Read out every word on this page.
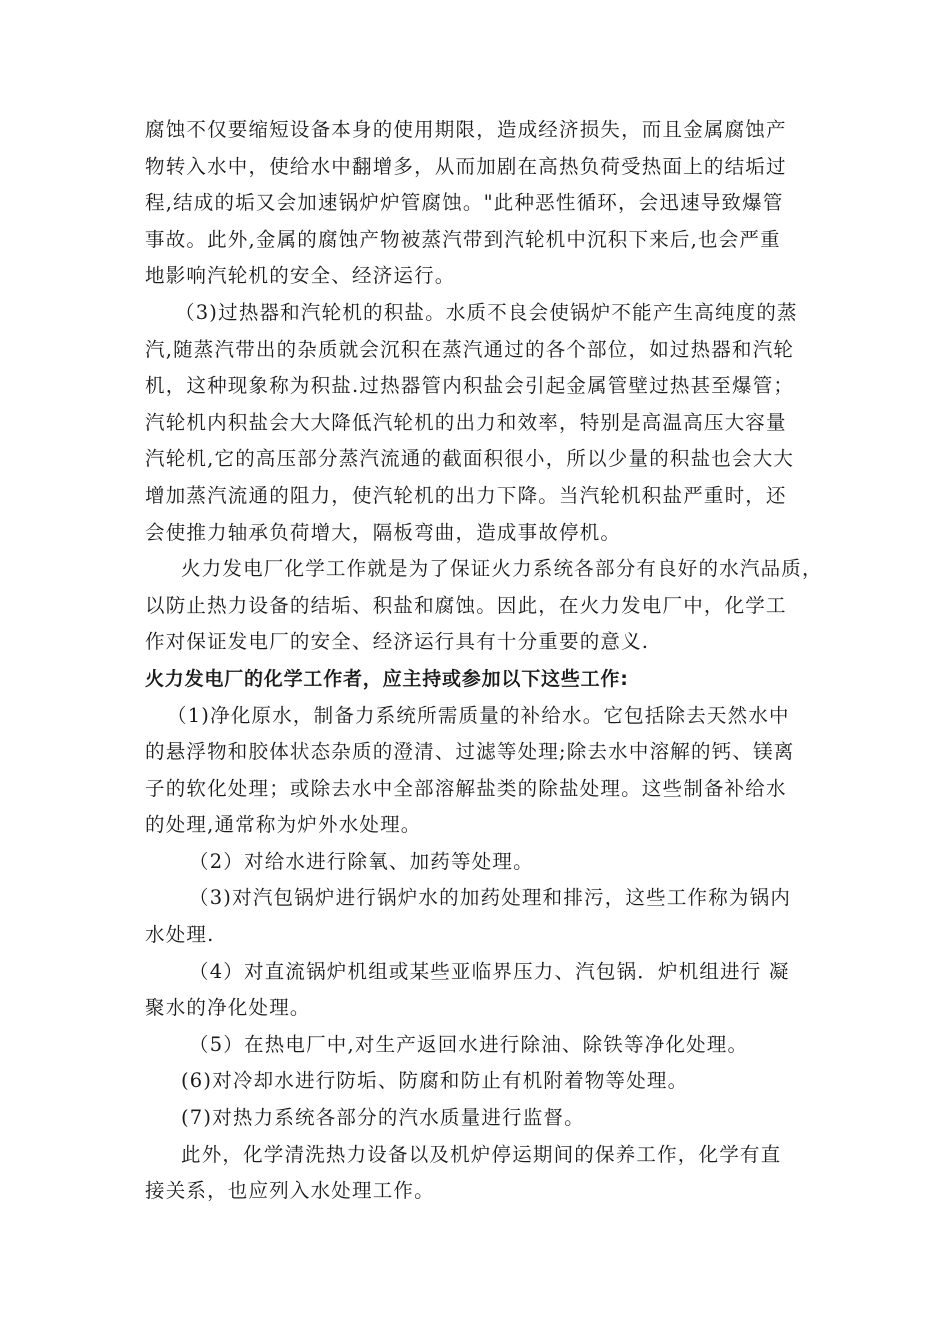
腐蚀不仅要缩短设备本身的使用期限，造成经济损失，而且金属腐蚀产
物转入水中，使给水中翻增多，从而加剧在高热负荷受热面上的结垢过
程,结成的垢又会加速锅炉炉管腐蚀。"此种恶性循环，会迅速导致爆管
事故。此外,金属的腐蚀产物被蒸汽带到汽轮机中沉积下来后,也会严重
地影响汽轮机的安全、经济运行。
（3)过热器和汽轮机的积盐。水质不良会使锅炉不能产生高纯度的蒸
汽,随蒸汽带出的杂质就会沉积在蒸汽通过的各个部位，如过热器和汽轮
机，这种现象称为积盐.过热器管内积盐会引起金属管壁过热甚至爆管；
汽轮机内积盐会大大降低汽轮机的出力和效率，特别是高温高压大容量
汽轮机,它的高压部分蒸汽流通的截面积很小，所以少量的积盐也会大大
增加蒸汽流通的阻力，使汽轮机的出力下降。当汽轮机积盐严重时，还
会使推力轴承负荷增大，隔板弯曲，造成事故停机。
火力发电厂化学工作就是为了保证火力系统各部分有良好的水汽品质，
以防止热力设备的结垢、积盐和腐蚀。因此，在火力发电厂中，化学工
作对保证发电厂的安全、经济运行具有十分重要的意义.
火力发电厂的化学工作者，应主持或参加以下这些工作:
（1)净化原水，制备力系统所需质量的补给水。它包括除去天然水中
的悬浮物和胶体状态杂质的澄清、过滤等处理;除去水中溶解的钙、镁离
子的软化处理；或除去水中全部溶解盐类的除盐处理。这些制备补给水
的处理,通常称为炉外水处理。
（2）对给水进行除氧、加药等处理。
（3)对汽包锅炉进行锅炉水的加药处理和排污，这些工作称为锅内
水处理.
（4）对直流锅炉机组或某些亚临界压力、汽包锅．炉机组进行 凝
聚水的净化处理。
（5）在热电厂中,对生产返回水进行除油、除铁等净化处理。
(6)对冷却水进行防垢、防腐和防止有机附着物等处理。
(7)对热力系统各部分的汽水质量进行监督。
此外，化学清洗热力设备以及机炉停运期间的保养工作，化学有直
接关系，也应列入水处理工作。
